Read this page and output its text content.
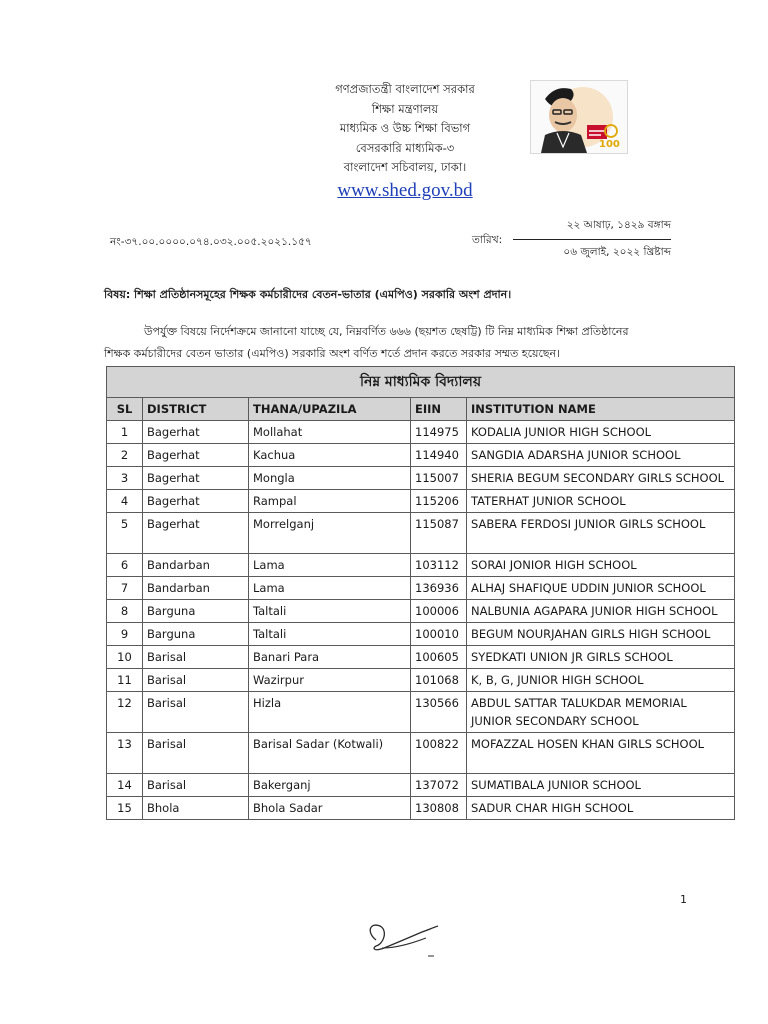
গণপ্রজাতন্ত্রী বাংলাদেশ সরকার
শিক্ষা মন্ত্রণালয়
মাধ্যমিক ও উচ্চ শিক্ষা বিভাগ
বেসরকারি মাধ্যমিক-৩
বাংলাদেশ সচিবালয়, ঢাকা।
www.shed.gov.bd
100
নং-৩৭.০০.০০০০.০৭৪.০৩২.০০৫.২০২১.১৫৭	তারিখ:
২২ আষাঢ়, ১৪২৯ বঙ্গাব্দ
০৬ জুলাই, ২০২২ খ্রিষ্টাব্দ
বিষয়: শিক্ষা প্রতিষ্ঠানসমূহের শিক্ষক কর্মচারীদের বেতন-ভাতার (এমপিও) সরকারি অংশ প্রদান।
উপর্যুক্ত বিষয়ে নির্দেশক্রমে জানানো যাচ্ছে যে, নিম্নবর্ণিত ৬৬৬ (ছয়শত ছেষট্টি) টি নিম্ন মাধ্যমিক শিক্ষা প্রতিষ্ঠানের
শিক্ষক কর্মচারীদের বেতন ভাতার (এমপিও) সরকারি অংশ বর্ণিত শর্তে প্রদান করতে সরকার সম্মত হয়েছেন।
নিম্ন মাধ্যমিক বিদ্যালয়				
SL	DISTRICT	THANA/UPAZILA	EIIN	INSTITUTION NAME
1	Bagerhat	Mollahat	114975	KODALIA JUNIOR HIGH SCHOOL
2	Bagerhat	Kachua	114940	SANGDIA ADARSHA JUNIOR SCHOOL
3	Bagerhat	Mongla	115007	SHERIA BEGUM SECONDARY GIRLS SCHOOL
4	Bagerhat	Rampal	115206	TATERHAT JUNIOR SCHOOL
5	Bagerhat	Morrelganj	115087	SABERA FERDOSI JUNIOR GIRLS SCHOOL
6	Bandarban	Lama	103112	SORAI JONIOR HIGH SCHOOL
7	Bandarban	Lama	136936	ALHAJ SHAFIQUE UDDIN JUNIOR SCHOOL
8	Barguna	Taltali	100006	NALBUNIA AGAPARA JUNIOR HIGH SCHOOL
9	Barguna	Taltali	100010	BEGUM NOURJAHAN GIRLS HIGH SCHOOL
10	Barisal	Banari Para	100605	SYEDKATI UNION JR GIRLS SCHOOL
11	Barisal	Wazirpur	101068	K, B, G, JUNIOR HIGH SCHOOL
12	Barisal	Hizla	130566	ABDUL SATTAR TALUKDAR MEMORIAL JUNIOR SECONDARY SCHOOL
13	Barisal	Barisal Sadar (Kotwali)	100822	MOFAZZAL HOSEN KHAN GIRLS SCHOOL
14	Barisal	Bakerganj	137072	SUMATIBALA JUNIOR SCHOOL
15	Bhola	Bhola Sadar	130808	SADUR CHAR HIGH SCHOOL
1
